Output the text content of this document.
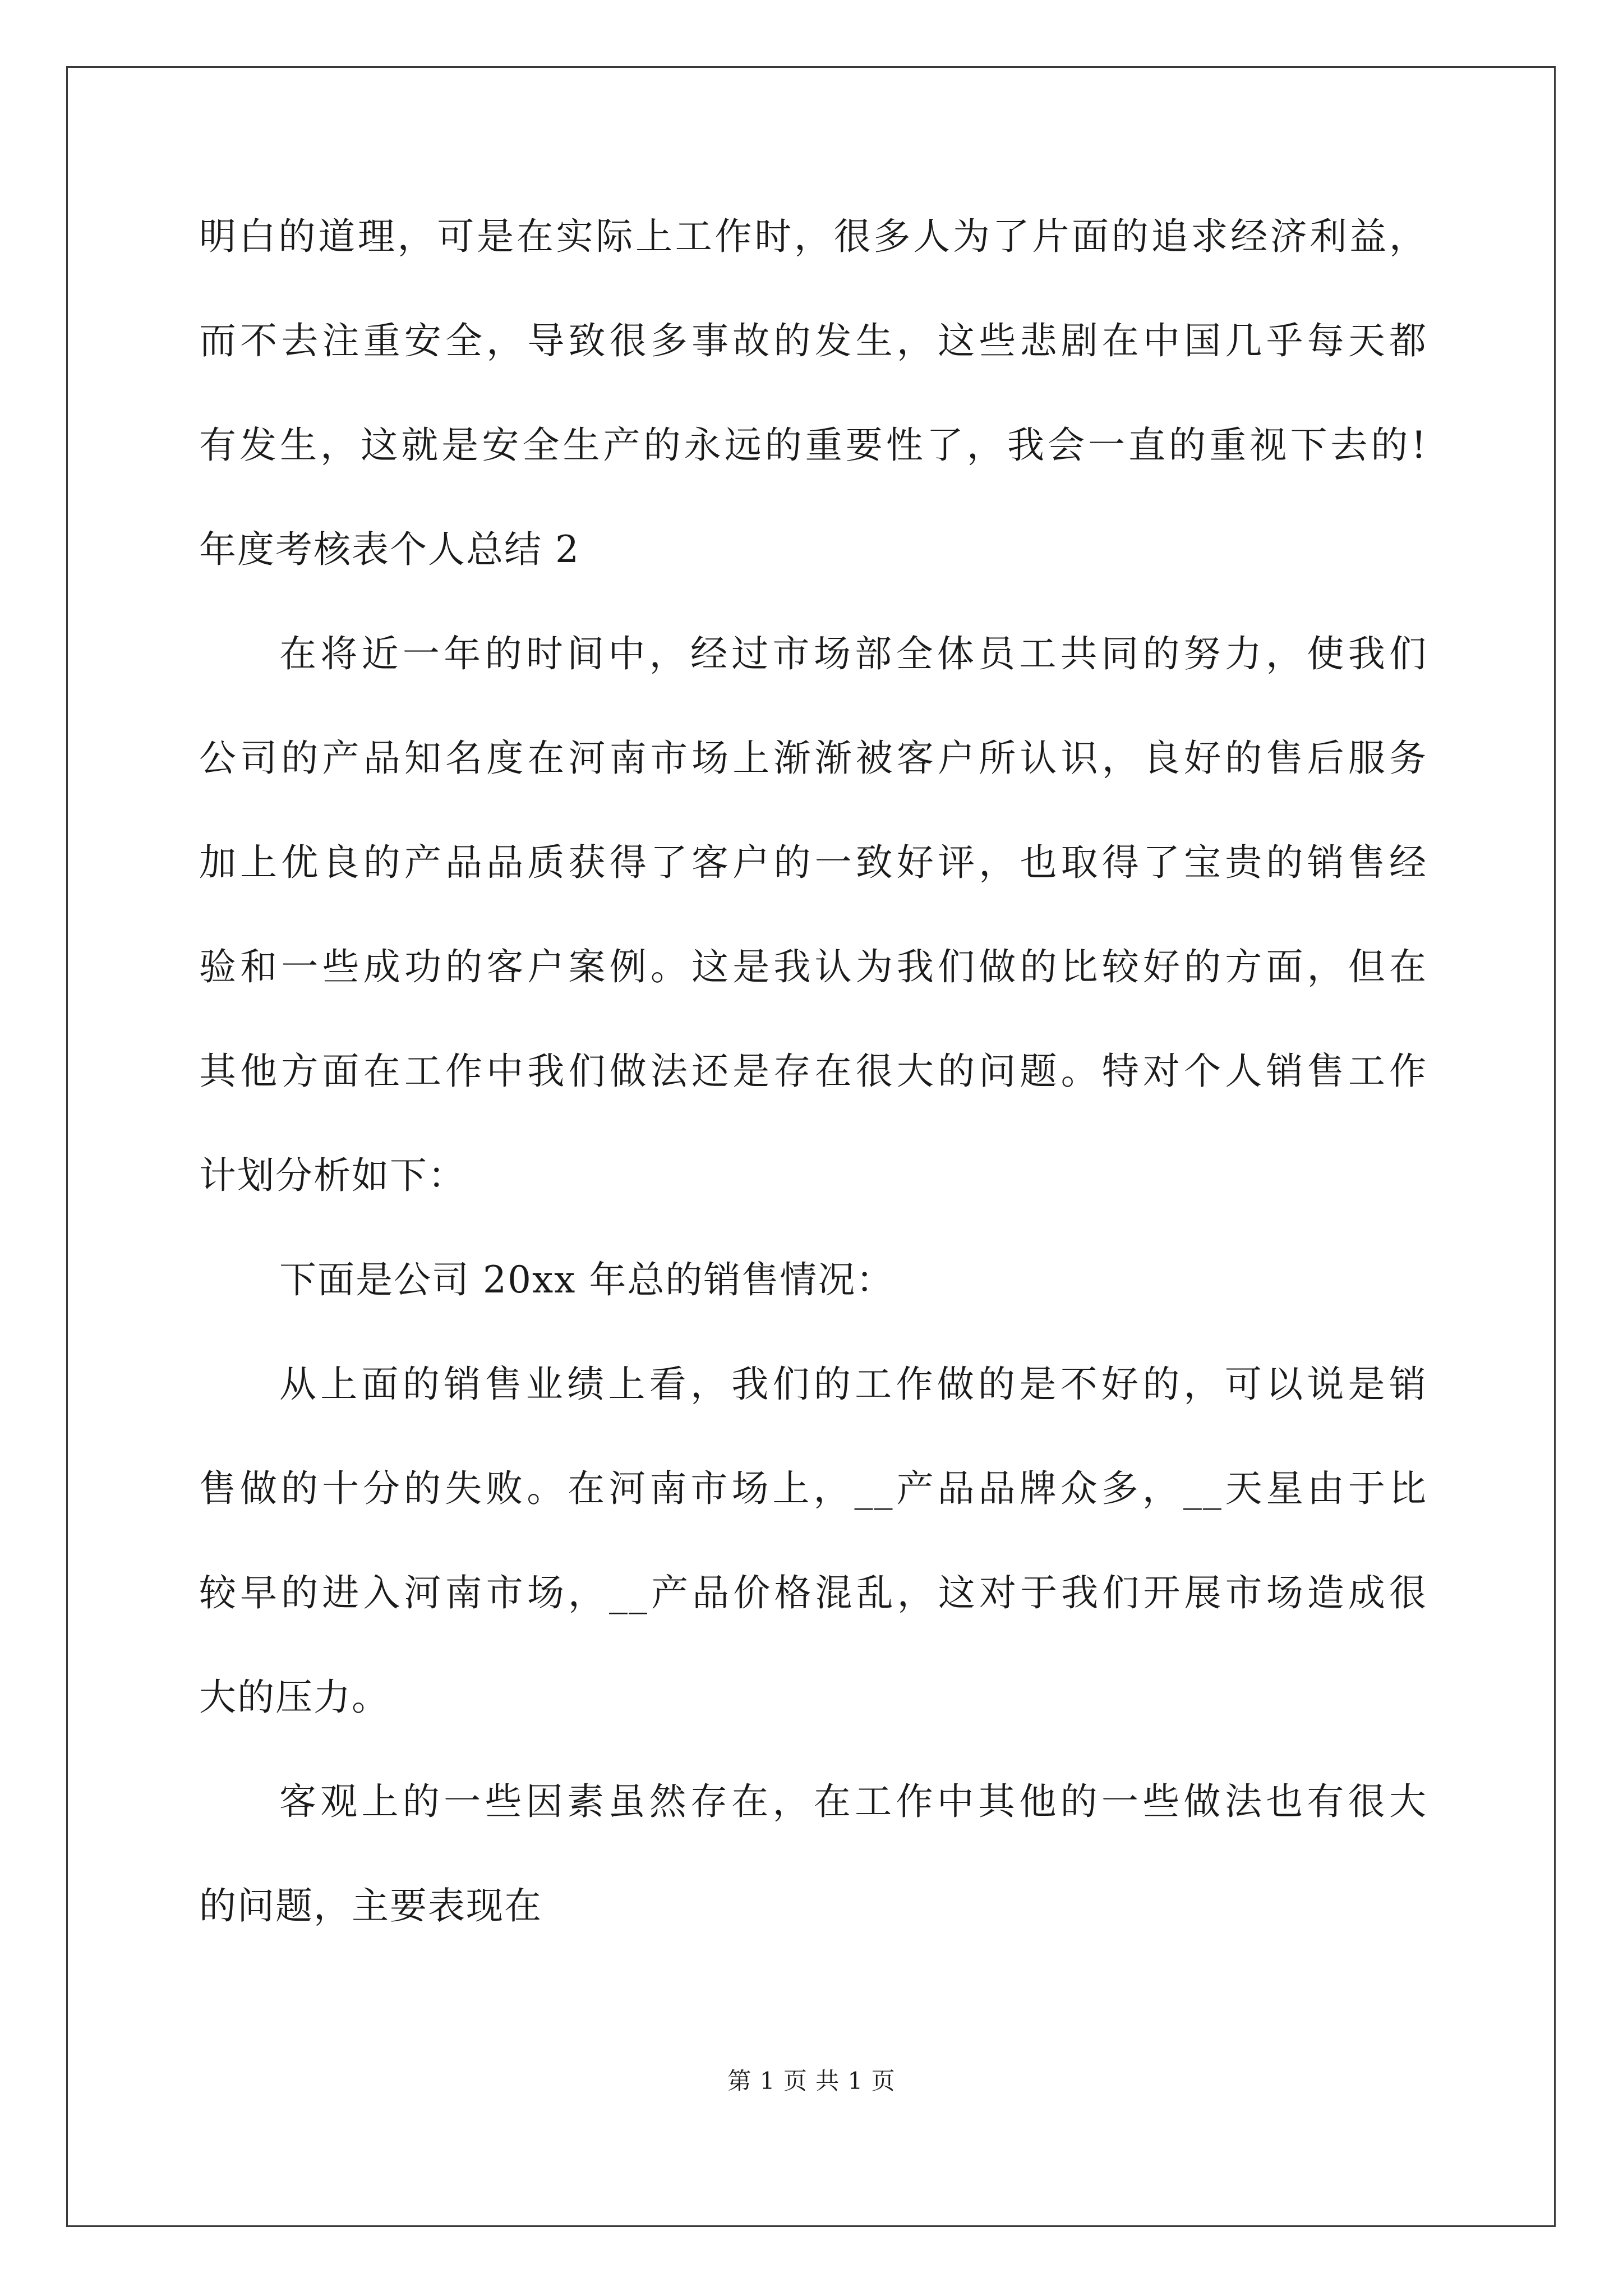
明白的道理，可是在实际上工作时，很多人为了片面的追求经济利益，
而不去注重安全，导致很多事故的发生，这些悲剧在中国几乎每天都
有发生，这就是安全生产的永远的重要性了，我会一直的重视下去的!
年度考核表个人总结 2
在将近一年的时间中，经过市场部全体员工共同的努力，使我们
公司的产品知名度在河南市场上渐渐被客户所认识，良好的售后服务
加上优良的产品品质获得了客户的一致好评，也取得了宝贵的销售经
验和一些成功的客户案例。这是我认为我们做的比较好的方面，但在
其他方面在工作中我们做法还是存在很大的问题。特对个人销售工作
计划分析如下：
下面是公司 20xx 年总的销售情况：
从上面的销售业绩上看，我们的工作做的是不好的，可以说是销
售做的十分的失败。在河南市场上，__产品品牌众多，__天星由于比
较早的进入河南市场，__产品价格混乱，这对于我们开展市场造成很
大的压力。
客观上的一些因素虽然存在，在工作中其他的一些做法也有很大
的问题，主要表现在
第 1 页 共 1 页
